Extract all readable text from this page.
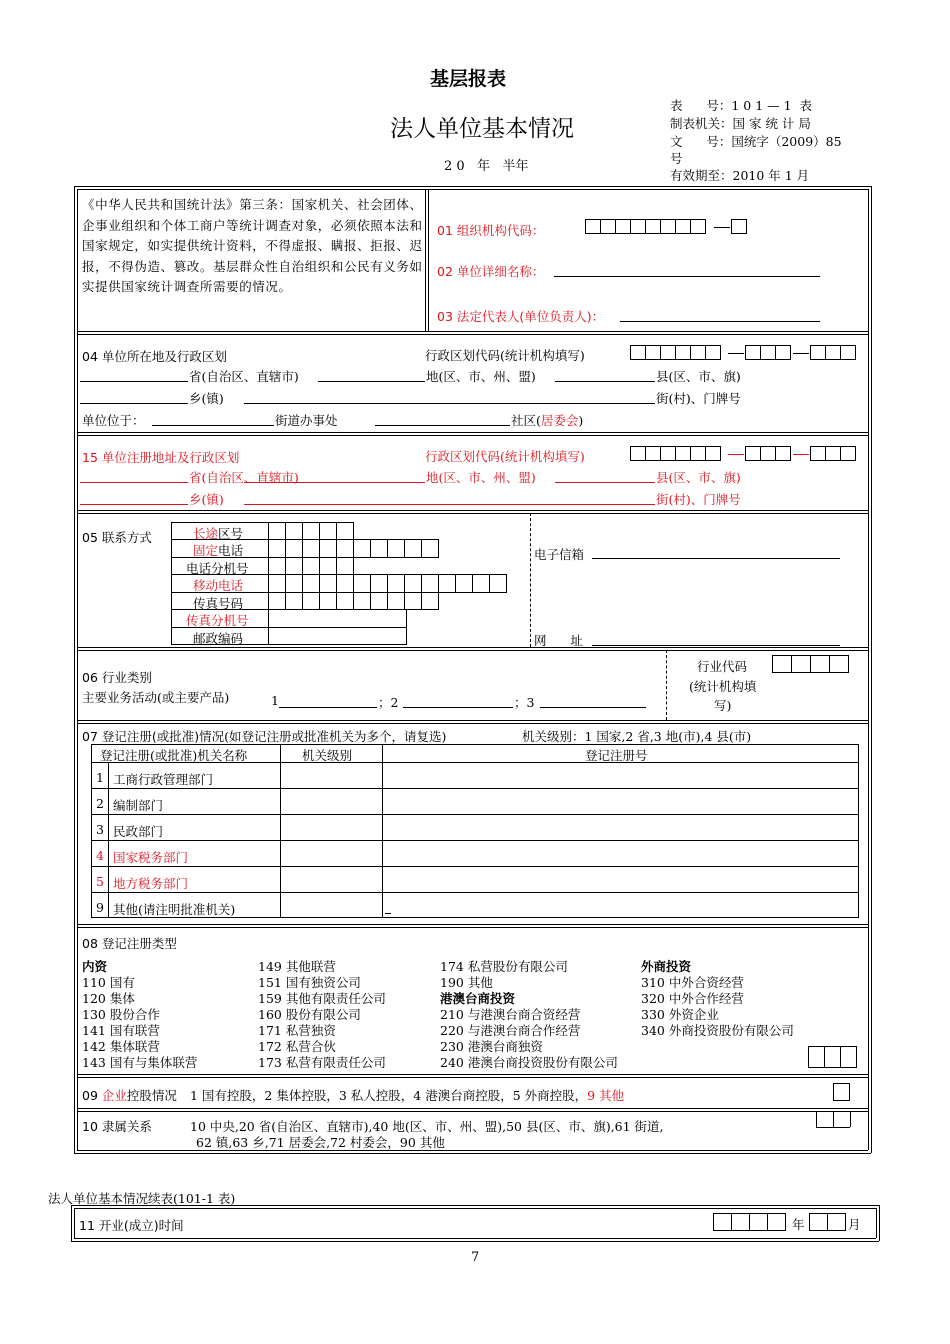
基层报表
法人单位基本情况
2 0   年   半年
表      号：1 0 1 — 1  表
制表机关：国 家 统 计 局
文      号：国统字（2009）85
号
有效期至：2010 年 1 月
《中华人民共和国统计法》第三条：国家机关、社会团体、企事业组织和个体工商户等统计调查对象，必须依照本法和国家规定，如实提供统计资料，不得虚报、瞒报、拒报、迟报，不得伪造、篡改。基层群众性自治组织和公民有义务如实提供国家统计调查所需要的情况。
01 组织机构代码：
02 单位详细名称：
03 法定代表人(单位负责人)：
04 单位所在地及行政区划	行政区划代码(统计机构填写)
省(自治区、直辖市)	地(区、市、州、盟)	县(区、市、旗)
乡(镇)	街(村)、门牌号
单位位于：	街道办事处	社区(居委会)
15 单位注册地址及行政区划	行政区划代码(统计机构填写)
省(自治区、直辖市)	地(区、市、州、盟)	县(区、市、旗)
乡(镇)	街(村)、门牌号
05 联系方式	长途区号
固定电话
电话分机号
移动电话
传真号码
传真分机号
邮政编码
电子信箱
网      址
06 行业类别
主要业务活动(或主要产品)	1	；2	；3
行业代码
(统计机构填
写)
07 登记注册(或批准)情况(如登记注册或批准机关为多个，请复选)	机关级别：1 国家,2 省,3 地(市),4 县(市)
登记注册(或批准)机关名称	机关级别	登记注册号
1 工商行政管理部门
2 编制部门
3 民政部门
4 国家税务部门
5 地方税务部门
9 其他(请注明批准机关)
08 登记注册类型
内资
110 国有
120 集体
130 股份合作
141 国有联营
142 集体联营
143 国有与集体联营
149 其他联营
151 国有独资公司
159 其他有限责任公司
160 股份有限公司
171 私营独资
172 私营合伙
173 私营有限责任公司
174 私营股份有限公司
190 其他
港澳台商投资
210 与港澳台商合资经营
220 与港澳台商合作经营
230 港澳台商独资
240 港澳台商投资股份有限公司
外商投资
310 中外合资经营
320 中外合作经营
330 外资企业
340 外商投资股份有限公司
09 企业控股情况 1 国有控股，2 集体控股，3 私人控股，4 港澳台商控股，5 外商控股，9 其他
10 隶属关系	10 中央,20 省(自治区、直辖市),40 地(区、市、州、盟),50 县(区、市、旗),61 街道,
62 镇,63 乡,71 居委会,72 村委会，90 其他
法人单位基本情况续表(101-1 表)
11 开业(成立)时间	年	月
7
